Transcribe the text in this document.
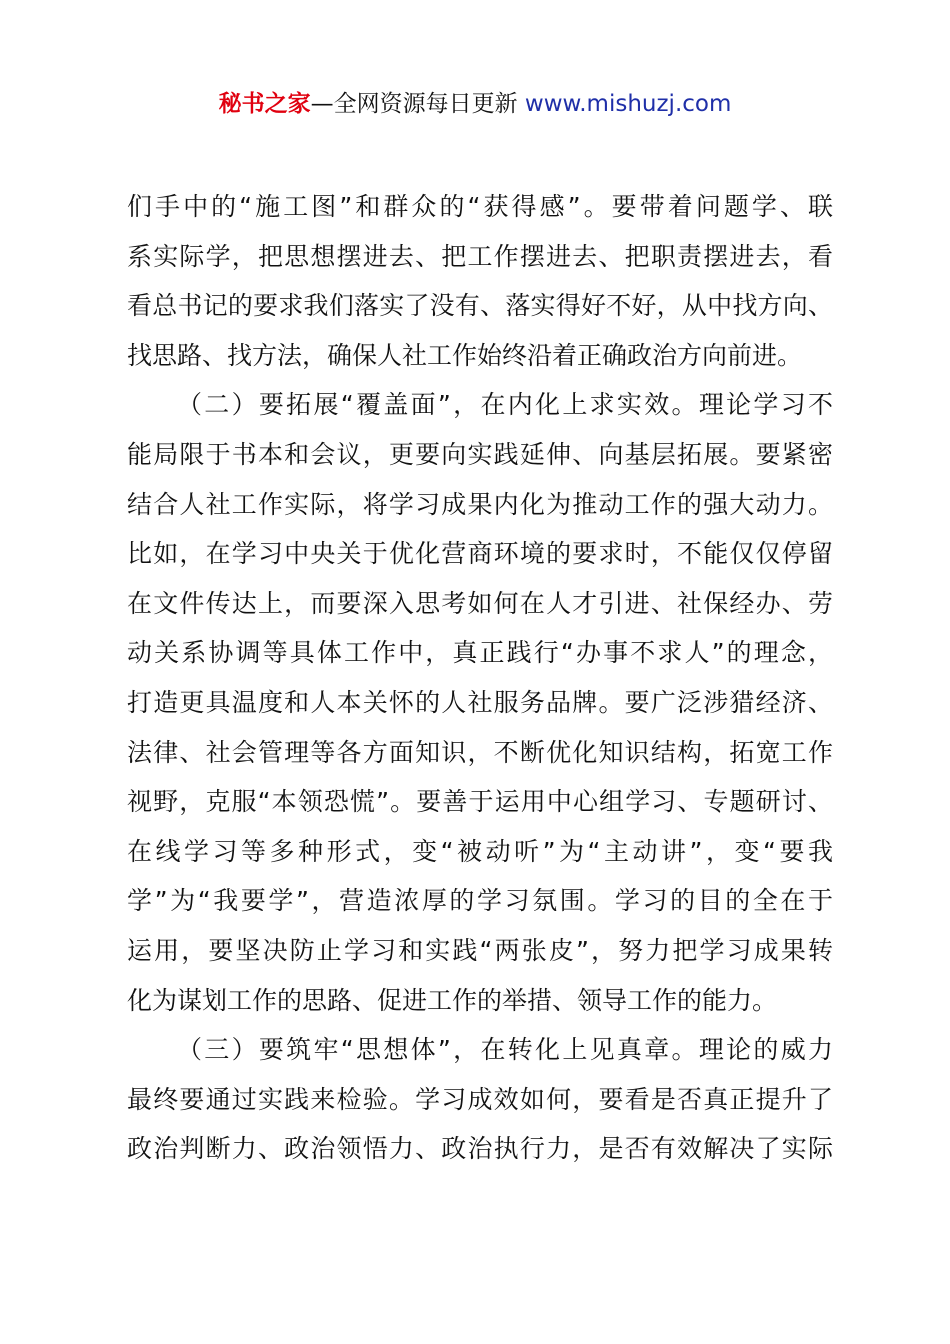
秘书之家—全网资源每日更新 www.mishuzj.com
们手中的“施工图”和群众的“获得感”。要带着问题学、联
系实际学，把思想摆进去、把工作摆进去、把职责摆进去，看
看总书记的要求我们落实了没有、落实得好不好，从中找方向、
找思路、找方法，确保人社工作始终沿着正确政治方向前进。
（二）要拓展“覆盖面”，在内化上求实效。理论学习不
能局限于书本和会议，更要向实践延伸、向基层拓展。要紧密
结合人社工作实际，将学习成果内化为推动工作的强大动力。
比如，在学习中央关于优化营商环境的要求时，不能仅仅停留
在文件传达上，而要深入思考如何在人才引进、社保经办、劳
动关系协调等具体工作中，真正践行“办事不求人”的理念，
打造更具温度和人本关怀的人社服务品牌。要广泛涉猎经济、
法律、社会管理等各方面知识，不断优化知识结构，拓宽工作
视野，克服“本领恐慌”。要善于运用中心组学习、专题研讨、
在线学习等多种形式，变“被动听”为“主动讲”，变“要我
学”为“我要学”，营造浓厚的学习氛围。学习的目的全在于
运用，要坚决防止学习和实践“两张皮”，努力把学习成果转
化为谋划工作的思路、促进工作的举措、领导工作的能力。
（三）要筑牢“思想体”，在转化上见真章。理论的威力
最终要通过实践来检验。学习成效如何，要看是否真正提升了
政治判断力、政治领悟力、政治执行力，是否有效解决了实际
